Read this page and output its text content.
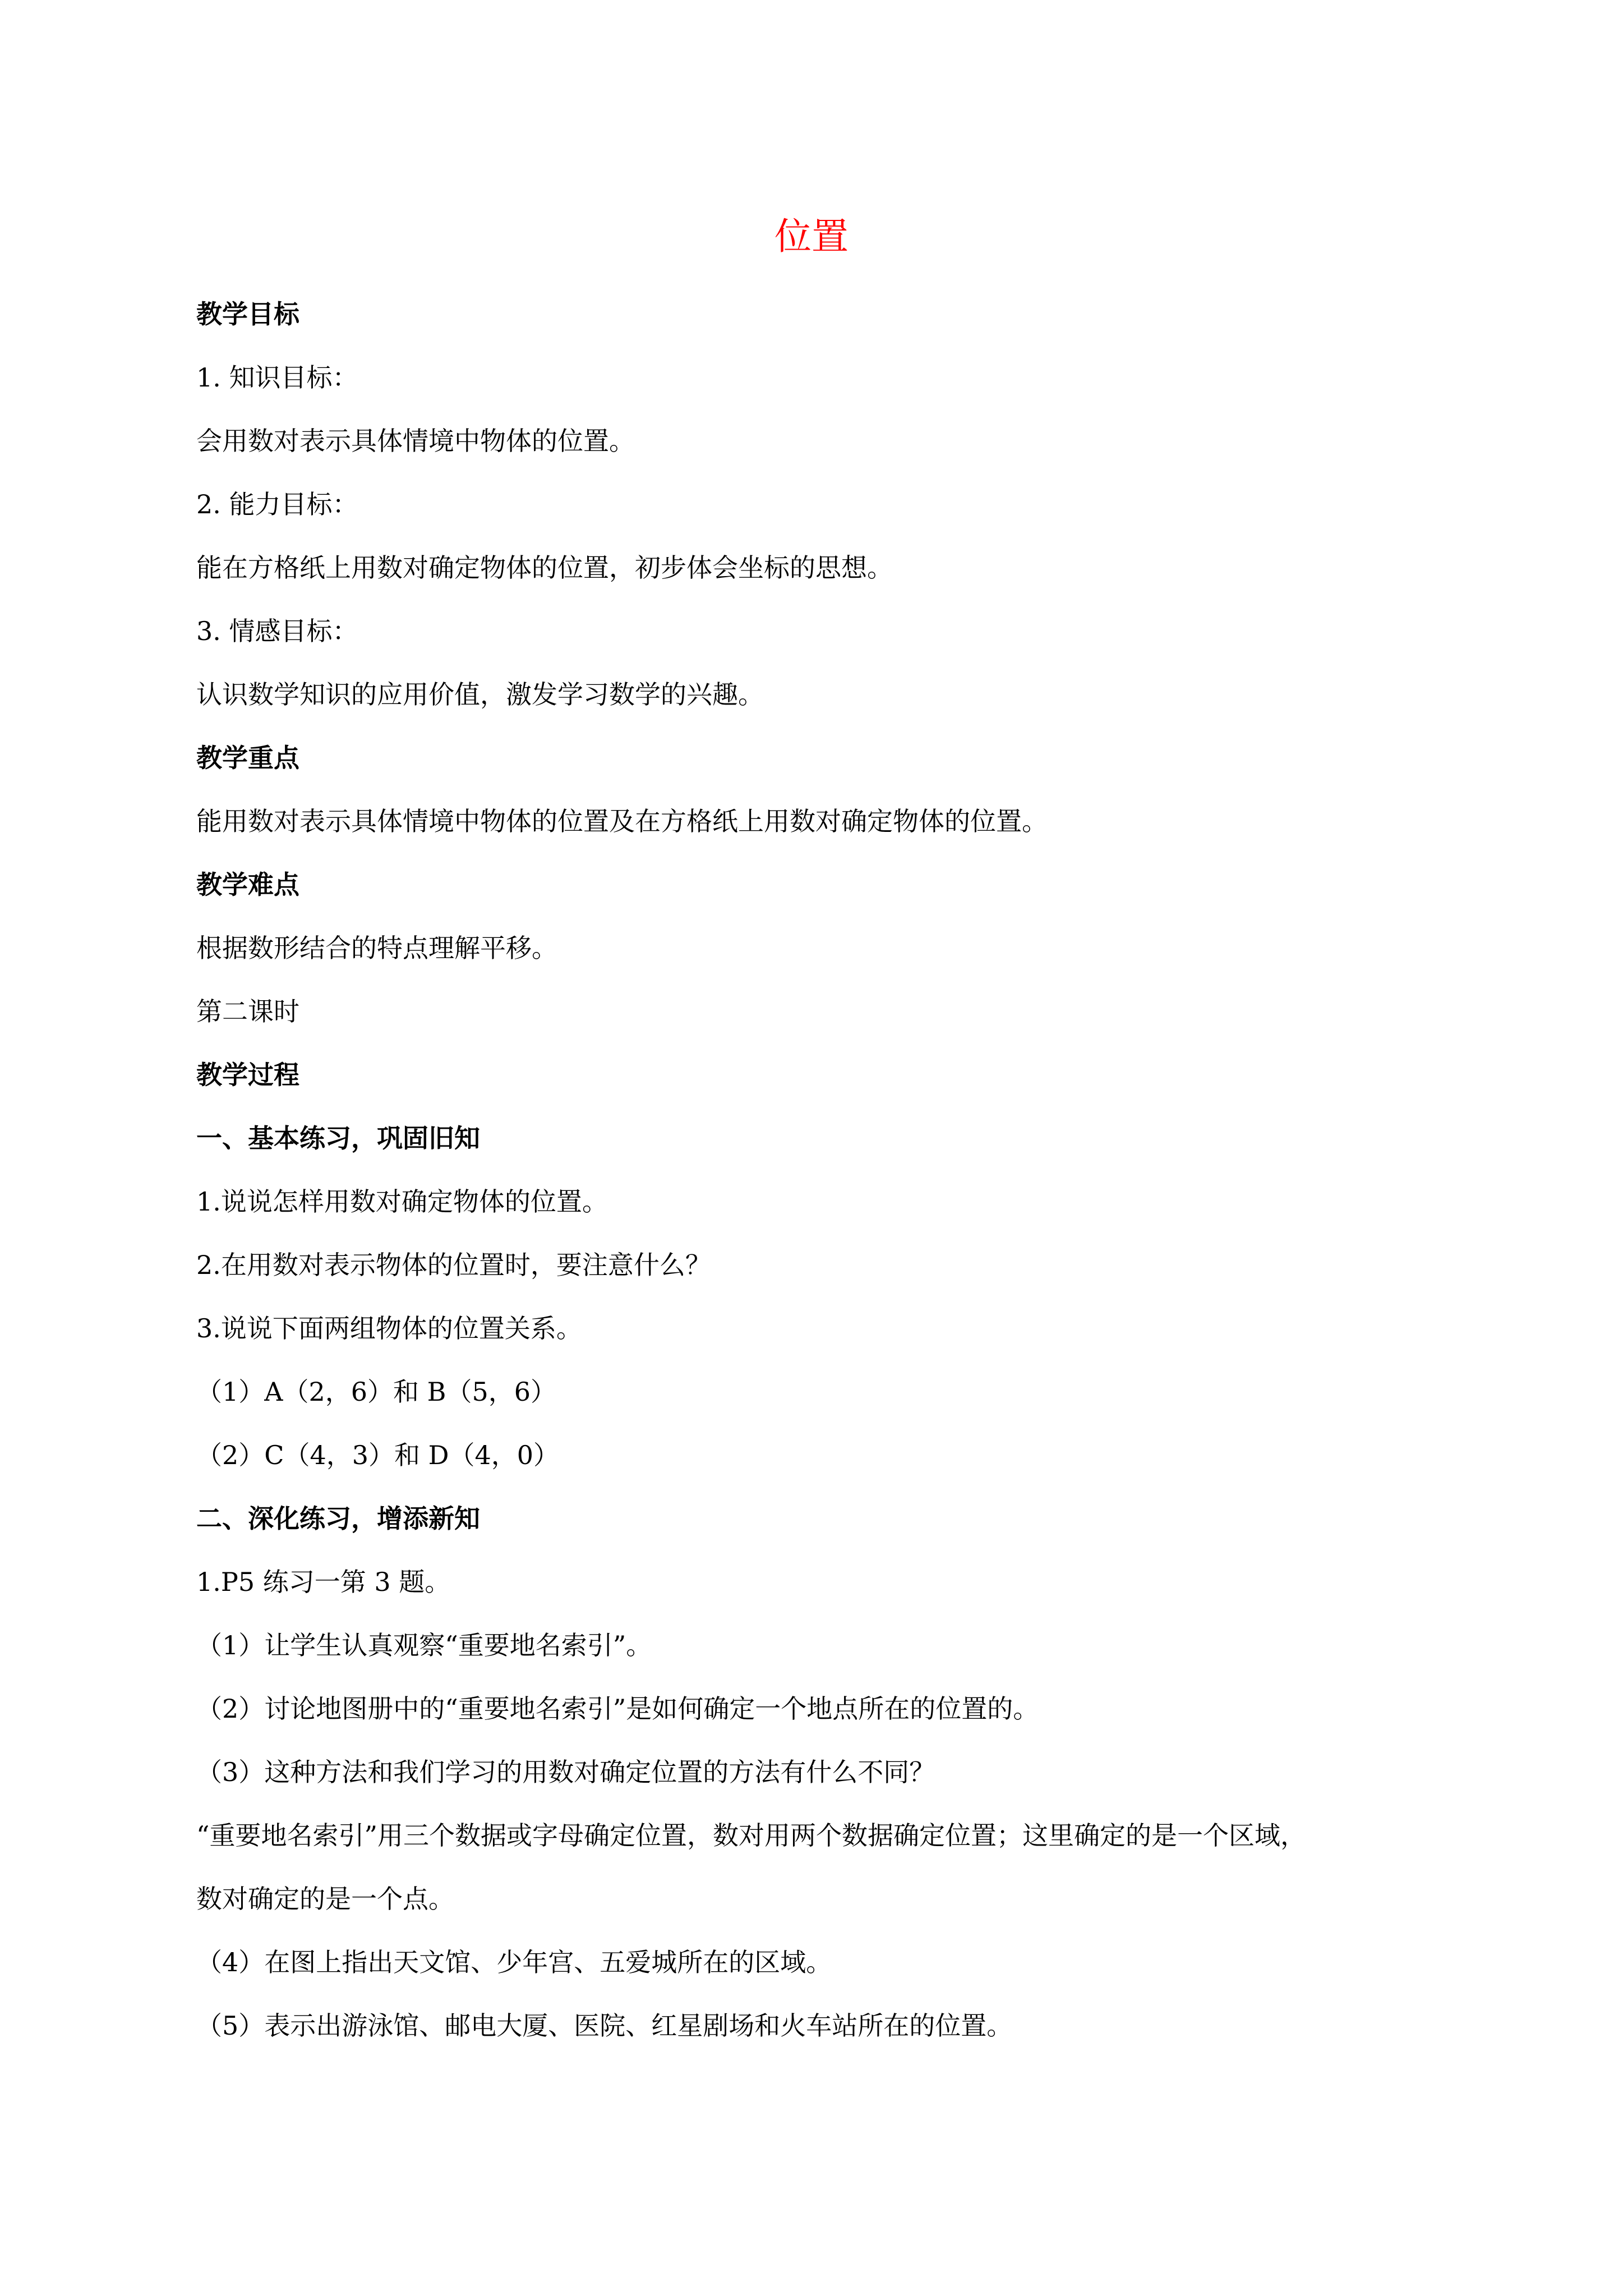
位置
教学目标
1. 知识目标：
会用数对表示具体情境中物体的位置。
2. 能力目标：
能在方格纸上用数对确定物体的位置，初步体会坐标的思想。
3. 情感目标：
认识数学知识的应用价值，激发学习数学的兴趣。
教学重点
能用数对表示具体情境中物体的位置及在方格纸上用数对确定物体的位置。
教学难点
根据数形结合的特点理解平移。
第二课时
教学过程
一、基本练习，巩固旧知
1.说说怎样用数对确定物体的位置。
2.在用数对表示物体的位置时，要注意什么？
3.说说下面两组物体的位置关系。
（1）A（2，6）和 B（5，6）
（2）C（4，3）和 D（4，0）
二、深化练习，增添新知
1.P5 练习一第 3 题。
（1）让学生认真观察“重要地名索引”。
（2）讨论地图册中的“重要地名索引”是如何确定一个地点所在的位置的。
（3）这种方法和我们学习的用数对确定位置的方法有什么不同？
“重要地名索引”用三个数据或字母确定位置，数对用两个数据确定位置；这里确定的是一个区域，
数对确定的是一个点。
（4）在图上指出天文馆、少年宫、五爱城所在的区域。
（5）表示出游泳馆、邮电大厦、医院、红星剧场和火车站所在的位置。
